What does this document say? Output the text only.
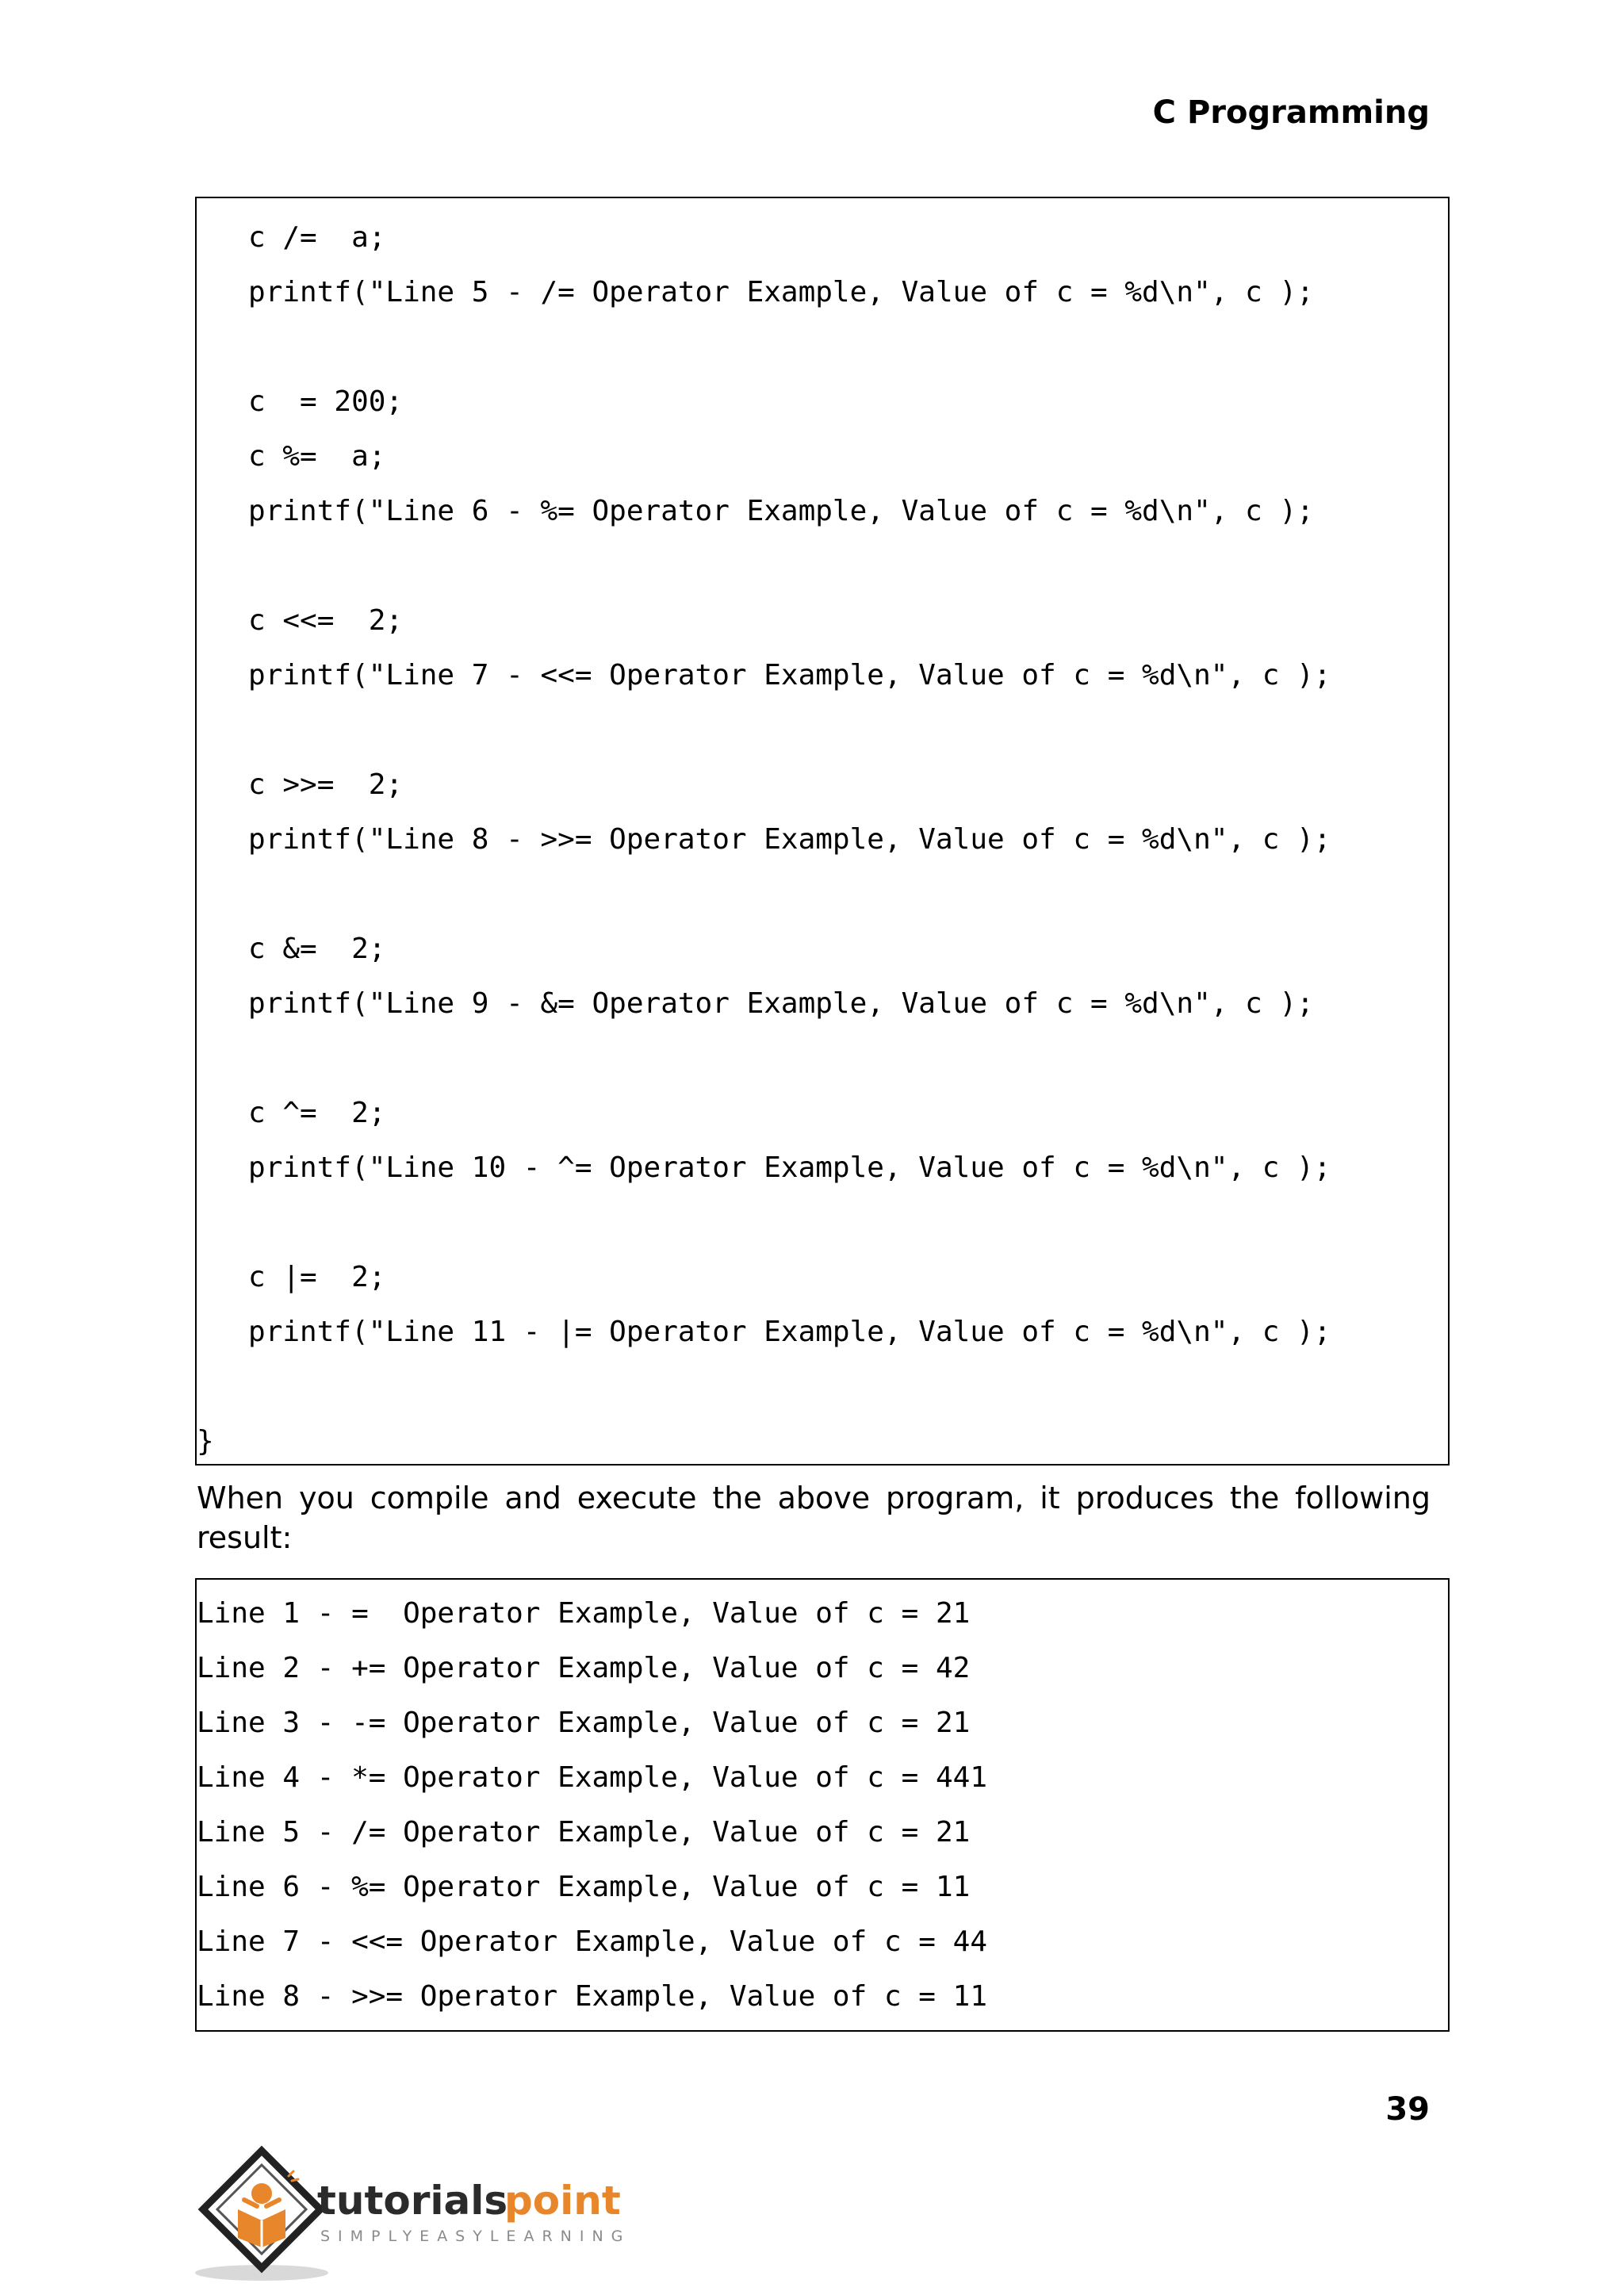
C Programming

c /=  a;

printf("Line 5 - /= Operator Example, Value of c = %d\n", c );

c  = 200;

c %=  a;

printf("Line 6 - %= Operator Example, Value of c = %d\n", c );

c <<=  2;

printf("Line 7 - <<= Operator Example, Value of c = %d\n", c );

c >>=  2;

printf("Line 8 - >>= Operator Example, Value of c = %d\n", c );

c &=  2;

printf("Line 9 - &= Operator Example, Value of c = %d\n", c );

c ^=  2;

printf("Line 10 - ^= Operator Example, Value of c = %d\n", c );

c |=  2;

printf("Line 11 - |= Operator Example, Value of c = %d\n", c );

}

When you compile and execute the above program, it produces the following result:

Line 1 - =  Operator Example, Value of c = 21

Line 2 - += Operator Example, Value of c = 42

Line 3 - -= Operator Example, Value of c = 21

Line 4 - *= Operator Example, Value of c = 441

Line 5 - /= Operator Example, Value of c = 21

Line 6 - %= Operator Example, Value of c = 11

Line 7 - <<= Operator Example, Value of c = 44

Line 8 - >>= Operator Example, Value of c = 11

39
tutorials
point
SIMPLYEASYLEARNING
